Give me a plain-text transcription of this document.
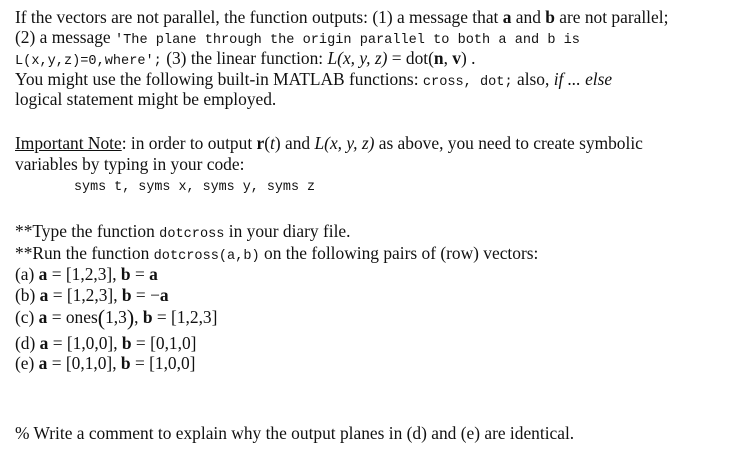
If the vectors are not parallel, the function outputs: (1) a message that a and b are not parallel;
(2) a message 'The plane through the origin parallel to both a and b is
L(x,y,z)=0,where'; (3) the linear function: L(x, y, z) = dot(n, v) .
You might use the following built-in MATLAB functions: cross, dot; also, if ... else
logical statement might be employed.
Important Note: in order to output r(t) and L(x, y, z) as above, you need to create symbolic
variables by typing in your code:
syms t, syms x, syms y, syms z
**Type the function dotcross in your diary file.
**Run the function dotcross(a,b) on the following pairs of (row) vectors:
(a) a = [1,2,3], b = a
(b) a = [1,2,3], b = −a
(c) a = ones(1,3), b = [1,2,3]
(d) a = [1,0,0], b = [0,1,0]
(e) a = [0,1,0], b = [1,0,0]
% Write a comment to explain why the output planes in (d) and (e) are identical.
